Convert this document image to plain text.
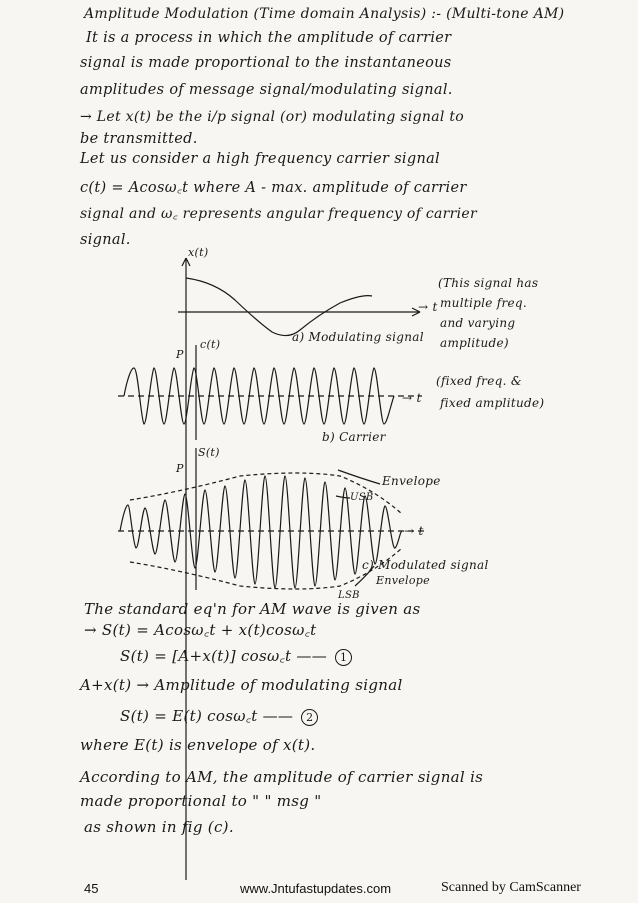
Amplitude Modulation (Time domain Analysis) :- (Multi-tone AM)
It is a process in which the amplitude of carrier
signal is made proportional to the instantaneous
amplitudes of message signal/modulating signal.
→ Let x(t) be the i/p signal (or) modulating signal to
be transmitted.
Let us consider a high frequency carrier signal
c(t) = Acosω꜀t where A - max. amplitude of carrier
signal and ω꜀ represents angular frequency of carrier
signal.
x(t)
→ t
a) Modulating signal
(This signal has
multiple freq.
and varying
amplitude)
P
c(t)
→ t
(fixed freq. &
fixed amplitude)
b) Carrier
S(t)
P
Envelope
USB
→ t
c) Modulated signal
Envelope
LSB
The standard eq'n for AM wave is given as
→ S(t) = Acosω꜀t + x(t)cosω꜀t
S(t) = [A+x(t)] cosω꜀t —— 1
A+x(t) → Amplitude of modulating signal
S(t) = E(t) cosω꜀t —— 2
where E(t) is envelope of x(t).
According to AM, the amplitude of carrier signal is
made proportional to " " msg "
as shown in fig (c).
45	www.Jntufastupdates.com	Scanned by CamScanner
